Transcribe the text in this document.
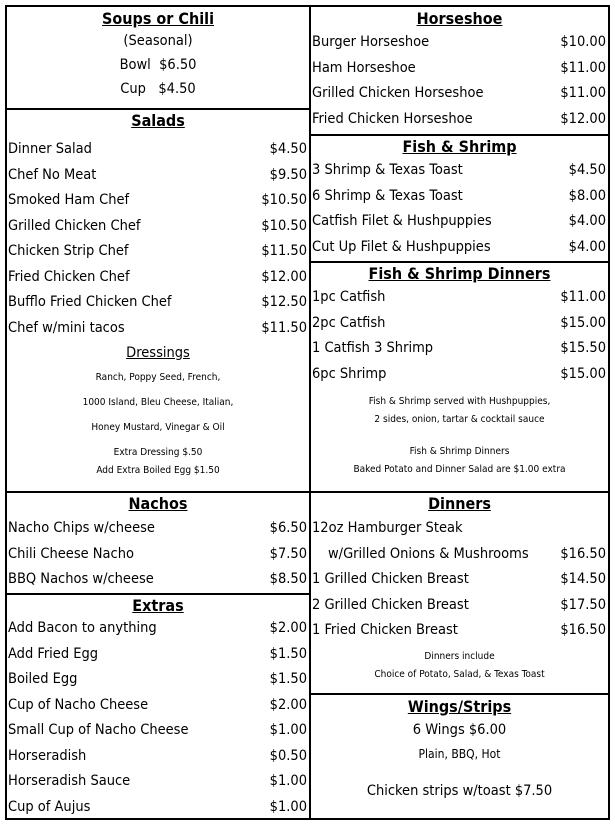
Soups or Chili
(Seasonal)
Bowl $6.50
Cup $4.50
Salads
Dinner Salad	$4.50
Chef No Meat	$9.50
Smoked Ham Chef	$10.50
Grilled Chicken Chef	$10.50
Chicken Strip Chef	$11.50
Fried Chicken Chef	$12.00
Bufflo Fried Chicken Chef	$12.50
Chef w/mini tacos	$11.50
Dressings
Ranch, Poppy Seed, French,
1000 Island, Bleu Cheese, Italian,
Honey Mustard, Vinegar & Oil
Extra Dressing $.50
Add Extra Boiled Egg $1.50
Nachos
Nacho Chips w/cheese	$6.50
Chili Cheese Nacho	$7.50
BBQ Nachos w/cheese	$8.50
Extras
Add Bacon to anything	$2.00
Add Fried Egg	$1.50
Boiled Egg	$1.50
Cup of Nacho Cheese	$2.00
Small Cup of Nacho Cheese	$1.00
Horseradish	$0.50
Horseradish Sauce	$1.00
Cup of Aujus	$1.00
Horseshoe
Burger Horseshoe	$10.00
Ham Horseshoe	$11.00
Grilled Chicken Horseshoe	$11.00
Fried Chicken Horseshoe	$12.00
Fish & Shrimp
3 Shrimp & Texas Toast	$4.50
6 Shrimp & Texas Toast	$8.00
Catfish Filet & Hushpuppies	$4.00
Cut Up Filet & Hushpuppies	$4.00
Fish & Shrimp Dinners
1pc Catfish	$11.00
2pc Catfish	$15.00
1 Catfish 3 Shrimp	$15.50
6pc Shrimp	$15.00
Fish & Shrimp served with Hushpuppies,
2 sides, onion, tartar & cocktail sauce
Fish & Shrimp Dinners
Baked Potato and Dinner Salad are $1.00 extra
Dinners
12oz Hamburger Steak
w/Grilled Onions & Mushrooms $16.50
1 Grilled Chicken Breast	$14.50
2 Grilled Chicken Breast	$17.50
1 Fried Chicken Breast	$16.50
Dinners include
Choice of Potato, Salad, & Texas Toast
Wings/Strips
6 Wings $6.00
Plain, BBQ, Hot
Chicken strips w/toast $7.50
